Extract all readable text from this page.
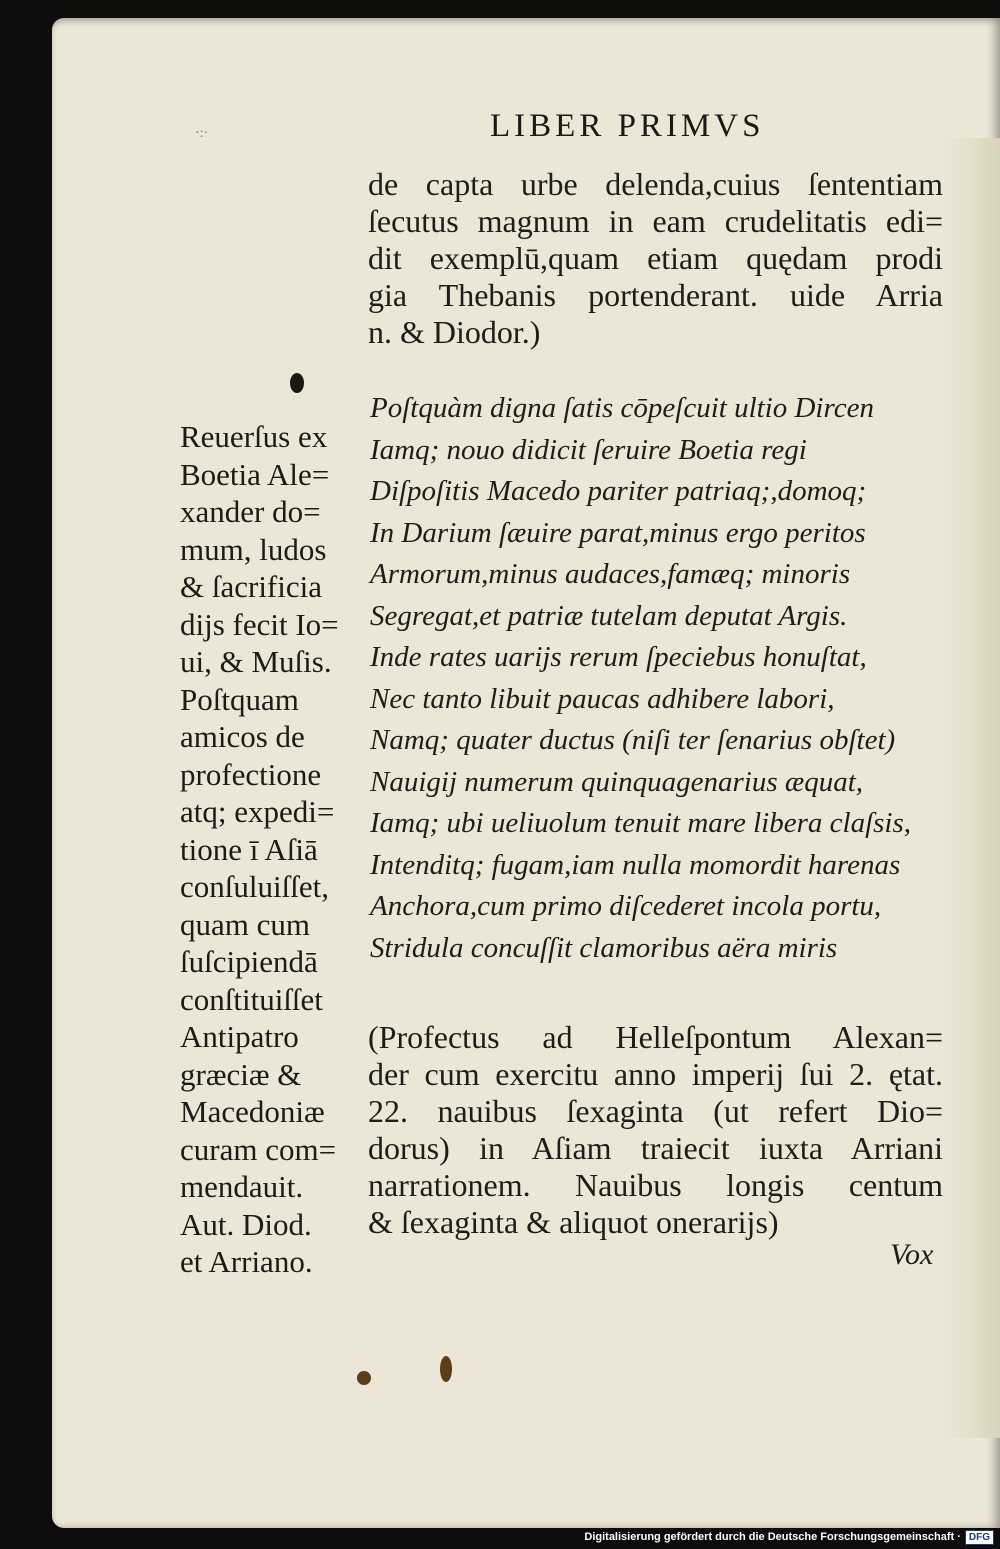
·:·	LIBER PRIMVS
de capta urbe delenda,cuius ſententiam
ſecutus magnum in eam crudelitatis edi=
dit exemplū,quam etiam quędam prodi
gia Thebanis portenderant. uide Arria
n. & Diodor.)
Poſtquàm digna ſatis cōpeſcuit ultio Dircen
Iamq; nouo didicit ſeruire Boetia regi
Diſpoſitis Macedo pariter patriaq;,domoq;
In Darium ſæuire parat,minus ergo peritos
Armorum,minus audaces,famæq; minoris
Segregat,et patriæ tutelam deputat Argis.
Inde rates uarijs rerum ſpeciebus honuſtat,
Nec tanto libuit paucas adhibere labori,
Namq; quater ductus (niſi ter ſenarius obſtet)
Nauigij numerum quinquagenarius æquat,
Iamq; ubi ueliuolum tenuit mare libera claſsis,
Intenditq; fugam,iam nulla momordit harenas
Anchora,cum primo diſcederet incola portu,
Stridula concuſſit clamoribus aëra miris
Reuerſus ex
Boetia Ale=
xander do=
mum, ludos
& ſacrificia
dijs fecit Io=
ui, & Muſis.
Poſtquam
amicos de
profectione
atq; expedi=
tione ī Aſiā
conſuluiſſet,
quam cum
ſuſcipiendā
conſtituiſſet
Antipatro
græciæ &
Macedoniæ
curam com=
mendauit.
Aut. Diod.
et Arriano.
(Profectus ad Helleſpontum Alexan=
der cum exercitu anno imperij ſui 2. ętat.
22. nauibus ſexaginta (ut refert Dio=
dorus) in Aſiam traiecit iuxta Arriani
narrationem. Nauibus longis centum
& ſexaginta & aliquot onerarijs)
Vox
Digitalisierung gefördert durch die Deutsche Forschungsgemeinschaft · DFG
